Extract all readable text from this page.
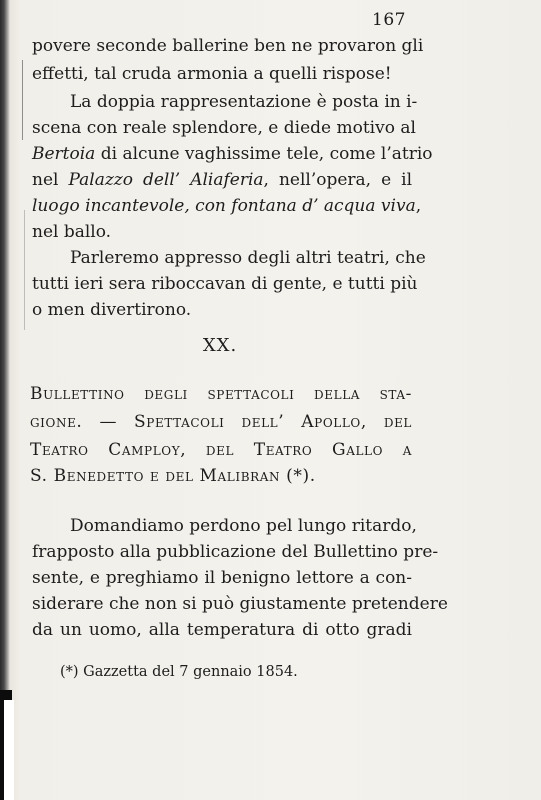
167
povere seconde ballerine ben ne provaron gli
effetti, tal cruda armonia a quelli rispose!
La doppia rappresentazione è posta in i-
scena con reale splendore, e diede motivo al
Bertoia di alcune vaghissime tele, come l’atrio
nel Palazzo dell’ Aliaferia, nell’opera, e il
luogo incantevole, con fontana d’ acqua viva,
nel ballo.
Parleremo appresso degli altri teatri, che
tutti ieri sera riboccavan di gente, e tutti più
o men divertirono.
XX.
Bullettino degli spettacoli della sta-
gione. — Spettacoli dell’ Apollo, del
Teatro Camploy, del Teatro Gallo a
S. Benedetto e del Malibran (*).
Domandiamo perdono pel lungo ritardo,
frapposto alla pubblicazione del Bullettino pre-
sente, e preghiamo il benigno lettore a con-
siderare che non si può giustamente pretendere
da un uomo, alla temperatura di otto gradi
(*) Gazzetta del 7 gennaio 1854.
